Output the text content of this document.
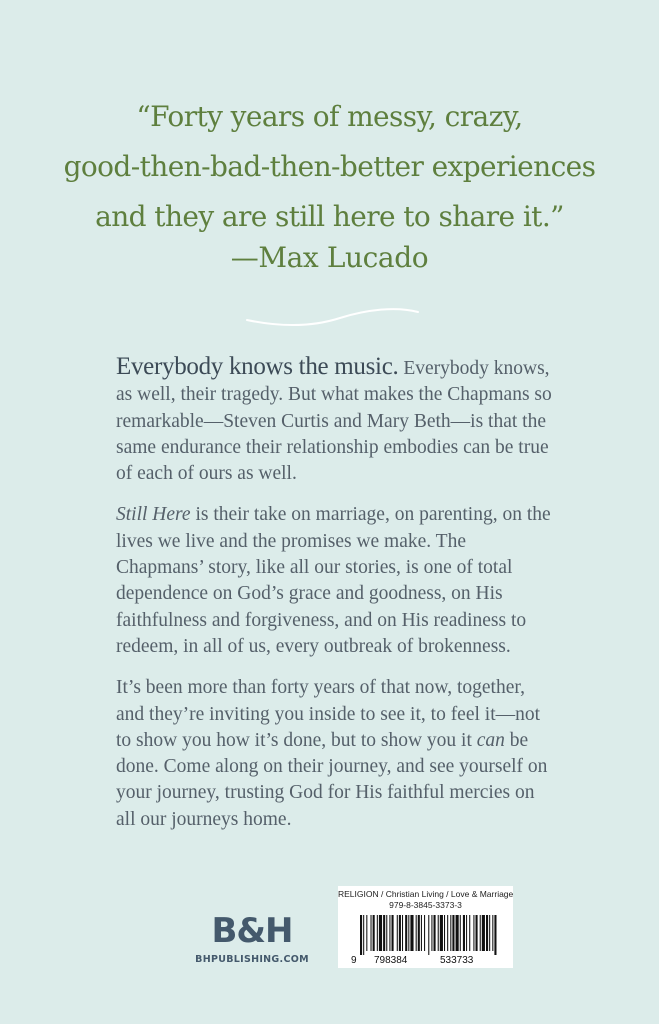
“Forty years of messy, crazy,
good-then-bad-then-better experiences
and they are still here to share it.”
—Max Lucado

Everybody knows the music. Everybody knows, as well, their tragedy. But what makes the Chapmans so remarkable—Steven Curtis and Mary Beth—is that the same endurance their relationship embodies can be true of each of ours as well.

Still Here is their take on marriage, on parenting, on the lives we live and the promises we make. The Chapmans’ story, like all our stories, is one of total dependence on God’s grace and goodness, on His faithfulness and forgiveness, and on His readiness to redeem, in all of us, every outbreak of brokenness.

It’s been more than forty years of that now, together, and they’re inviting you inside to see it, to feel it—not to show you how it’s done, but to show you it can be done. Come along on their journey, and see yourself on your journey, trusting God for His faithful mercies on all our journeys home.

B&H
BHPUBLISHING.COM
RELIGION / Christian Living / Love & Marriage
979-8-3845-3373-3
9 798384	533733
